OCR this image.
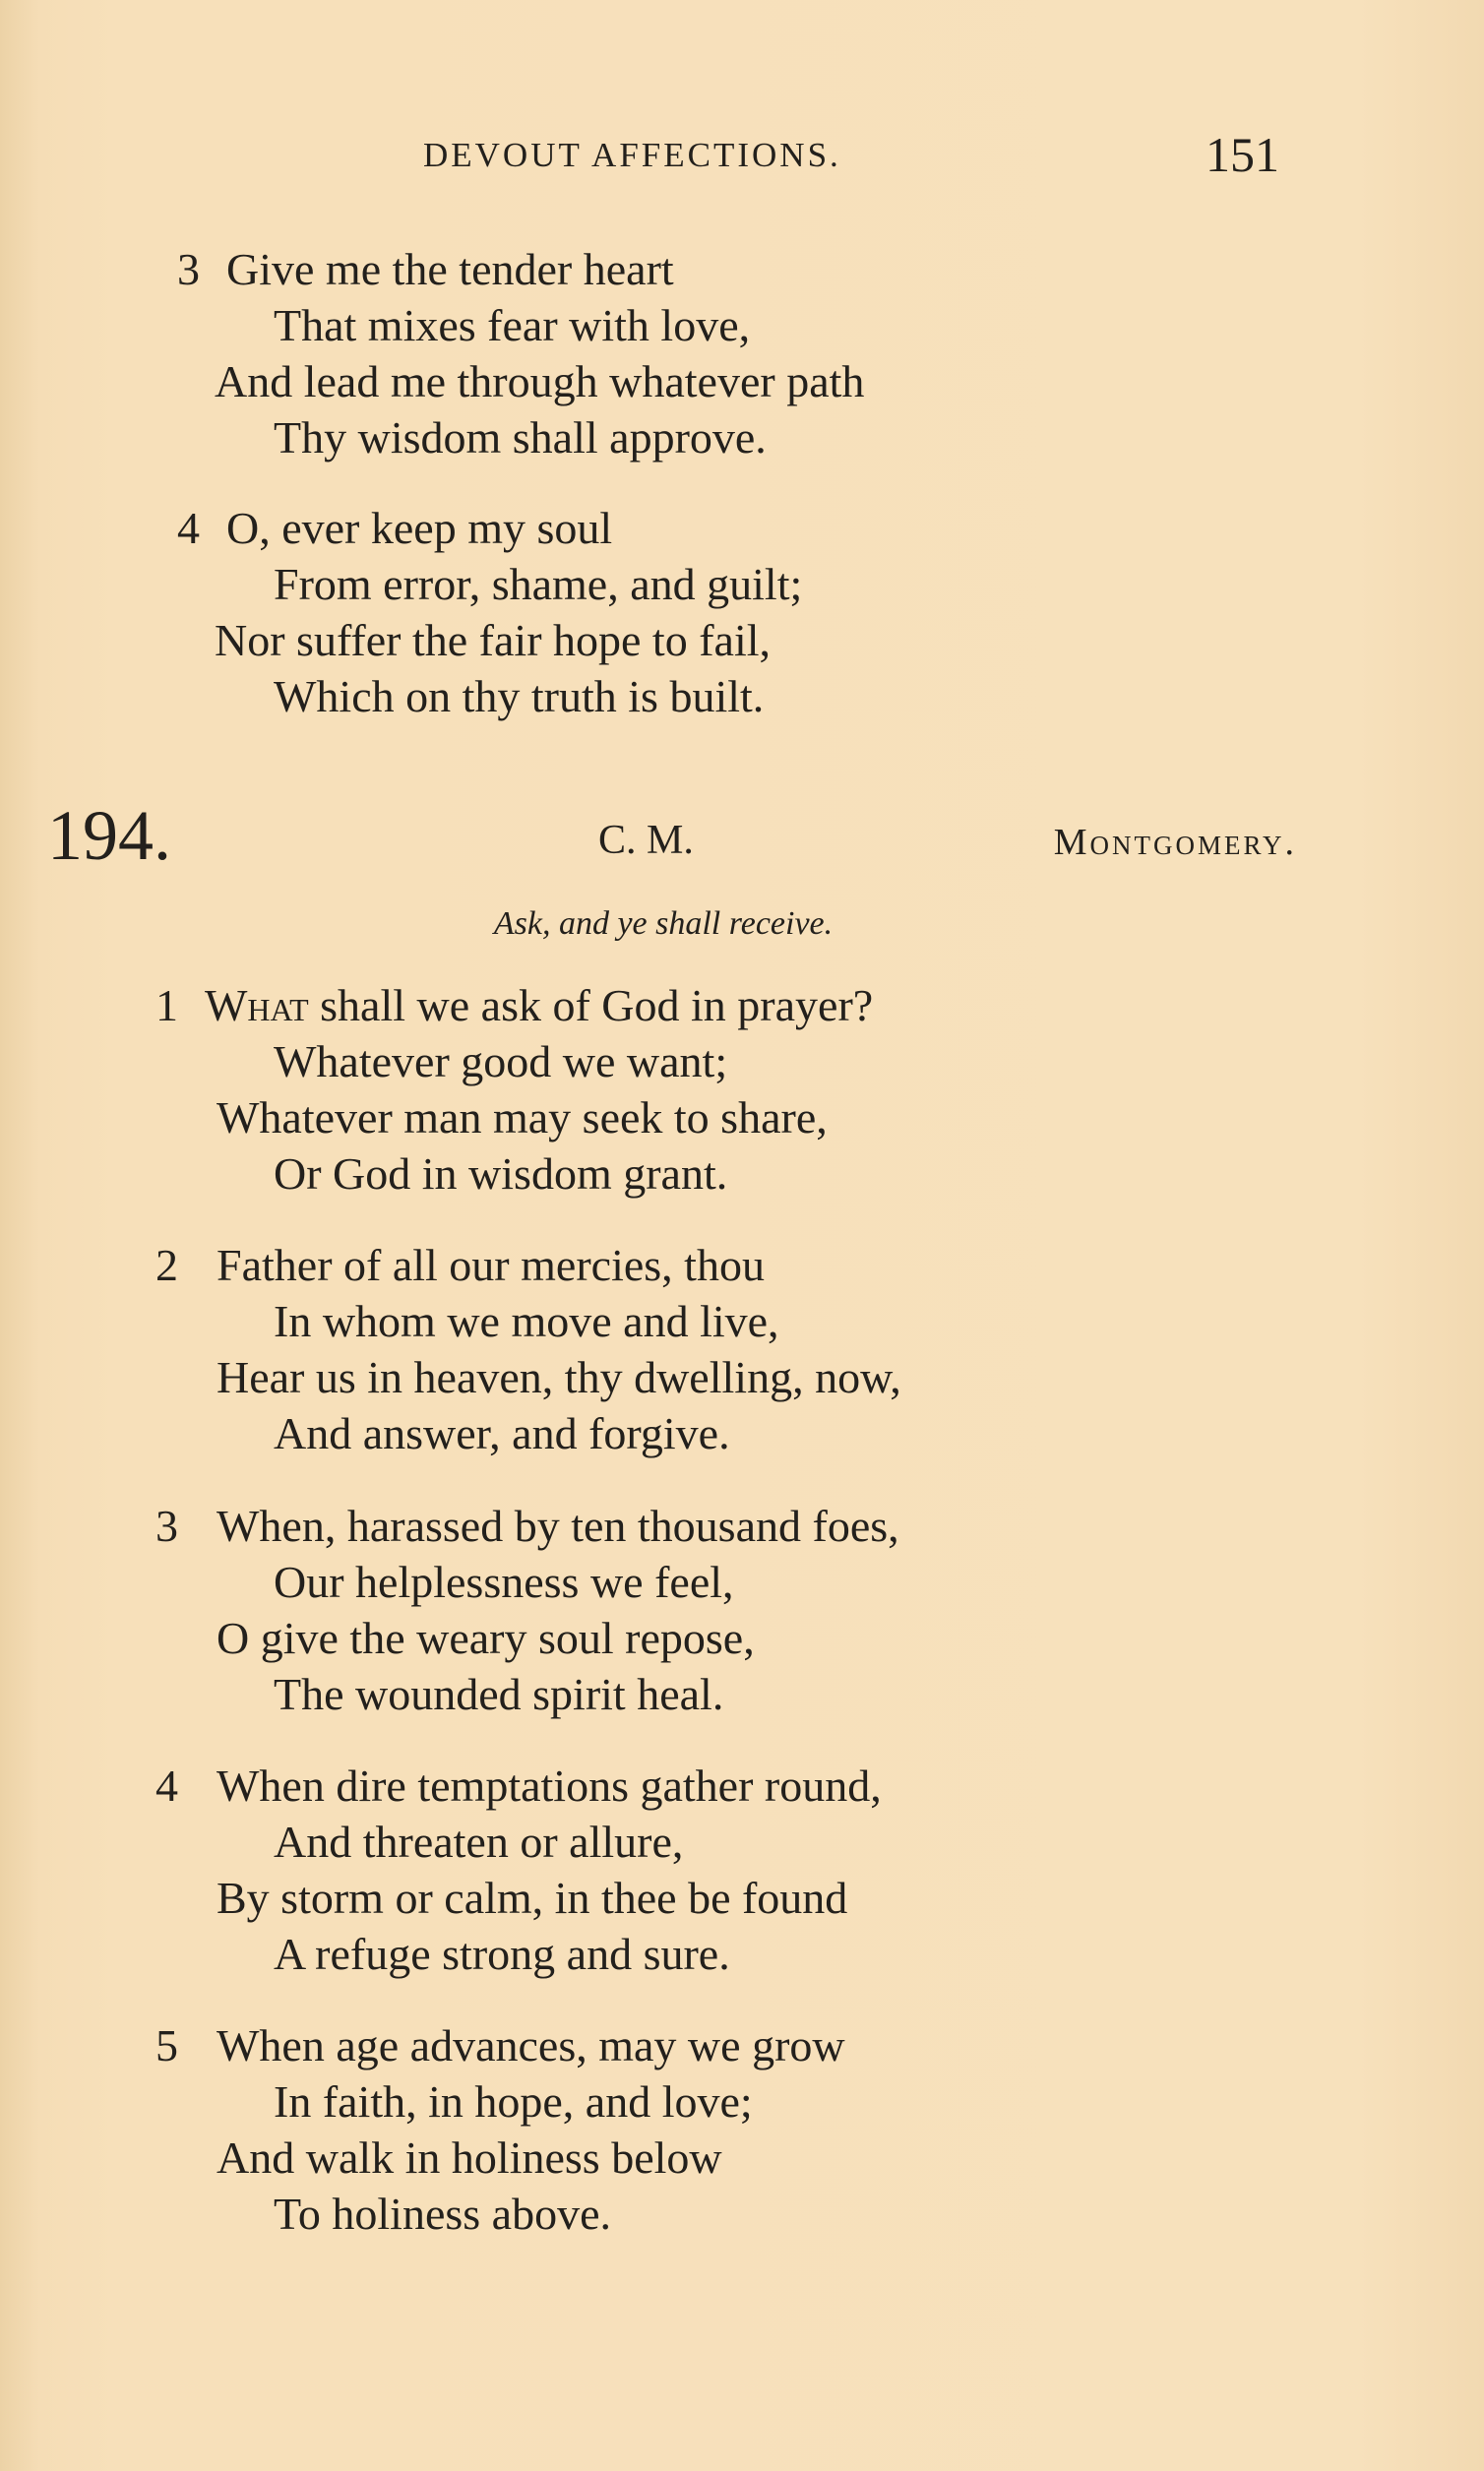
DEVOUT AFFECTIONS.	151
3 Give me the tender heart
That mixes fear with love,
And lead me through whatever path
Thy wisdom shall approve.
4 O, ever keep my soul
From error, shame, and guilt;
Nor suffer the fair hope to fail,
Which on thy truth is built.
194.	C. M.	Montgomery.
Ask, and ye shall receive.
1 What shall we ask of God in prayer?
Whatever good we want;
Whatever man may seek to share,
Or God in wisdom grant.
2 Father of all our mercies, thou
In whom we move and live,
Hear us in heaven, thy dwelling, now,
And answer, and forgive.
3 When, harassed by ten thousand foes,
Our helplessness we feel,
O give the weary soul repose,
The wounded spirit heal.
4 When dire temptations gather round,
And threaten or allure,
By storm or calm, in thee be found
A refuge strong and sure.
5 When age advances, may we grow
In faith, in hope, and love;
And walk in holiness below
To holiness above.
